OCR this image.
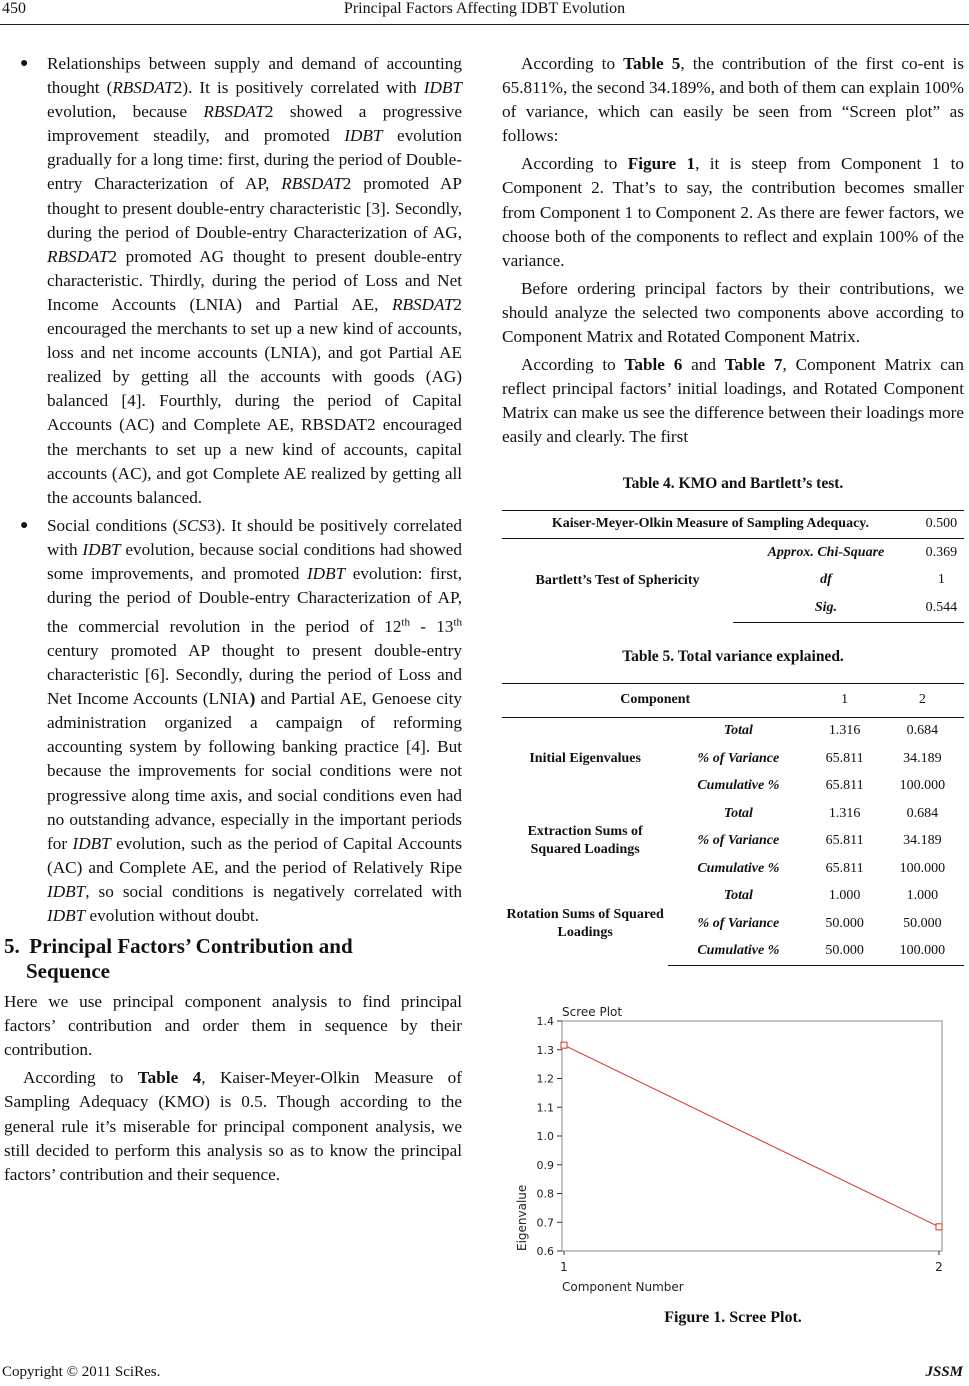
450	Principal Factors Affecting IDBT Evolution
● Relationships between supply and demand of accounting thought (RBSDAT2). It is positively correlated with IDBT evolution, because RBSDAT2 showed a progressive improvement steadily, and promoted IDBT evolution gradually for a long time: first, during the period of Double-entry Characterization of AP, RBSDAT2 promoted AP thought to present double-entry characteristic [3]. Secondly, during the period of Double-entry Characterization of AG, RBSDAT2 promoted AG thought to present double-entry characteristic. Thirdly, during the period of Loss and Net Income Accounts (LNIA) and Partial AE, RBSDAT2 encouraged the merchants to set up a new kind of accounts, loss and net income accounts (LNIA), and got Partial AE realized by getting all the accounts with goods (AG) balanced [4]. Fourthly, during the period of Capital Accounts (AC) and Complete AE, RBSDAT2 encouraged the merchants to set up a new kind of accounts, capital accounts (AC), and got Complete AE realized by getting all the accounts balanced.
● Social conditions (SCS3). It should be positively correlated with IDBT evolution, because social conditions had showed some improvements, and promoted IDBT evolution: first, during the period of Double-entry Characterization of AP, the commercial revolution in the period of 12th - 13th century promoted AP thought to present double-entry characteristic [6]. Secondly, during the period of Loss and Net Income Accounts (LNIA) and Partial AE, Genoese city administration organized a campaign of reforming accounting system by following banking practice [4]. But because the improvements for social conditions were not progressive along time axis, and social conditions even had no outstanding advance, especially in the important periods for IDBT evolution, such as the period of Capital Accounts (AC) and Complete AE, and the period of Relatively Ripe IDBT, so social conditions is negatively correlated with IDBT evolution without doubt.
5. Principal Factors’ Contribution and
Sequence

Here we use principal component analysis to find principal factors’ contribution and order them in sequence by their contribution.

According to Table 4, Kaiser-Meyer-Olkin Measure of Sampling Adequacy (KMO) is 0.5. Though according to the general rule it’s miserable for principal component analysis, we still decided to perform this analysis so as to know the principal factors’ contribution and their sequence.

According to Table 5, the contribution of the first co-ent is 65.811%, the second 34.189%, and both of them can explain 100% of variance, which can easily be seen from “Screen plot” as follows:

According to Figure 1, it is steep from Component 1 to Component 2. That’s to say, the contribution becomes smaller from Component 1 to Component 2. As there are fewer factors, we choose both of the components to reflect and explain 100% of the variance.

Before ordering principal factors by their contributions, we should analyze the selected two components above according to Component Matrix and Rotated Component Matrix.

According to Table 6 and Table 7, Component Matrix can reflect principal factors’ initial loadings, and Rotated Component Matrix can make us see the difference between their loadings more easily and clearly. The first

Table 4. KMO and Bartlett’s test.
Kaiser-Meyer-Olkin Measure of Sampling Adequacy.		0.500
Bartlett’s Test of Sphericity	Approx. Chi-Square	0.369
	df	1
	Sig.	0.544
Table 5. Total variance explained.
Component		1	2
Initial Eigenvalues	Total	1.316	0.684
	% of Variance	65.811	34.189
	Cumulative %	65.811	100.000
Extraction Sums of Squared Loadings	Total	1.316	0.684
	% of Variance	65.811	34.189
	Cumulative %	65.811	100.000
Rotation Sums of Squared Loadings	Total	1.000	1.000
	% of Variance	50.000	50.000
	Cumulative %	50.000	100.000
Scree Plot
0.6
0.7
0.8
0.9
1.0
1.1
1.2
1.3
1.4
1	2
Component Number
Eigenvalue
Figure 1. Scree Plot.
Copyright © 2011 SciRes.	JSSM
